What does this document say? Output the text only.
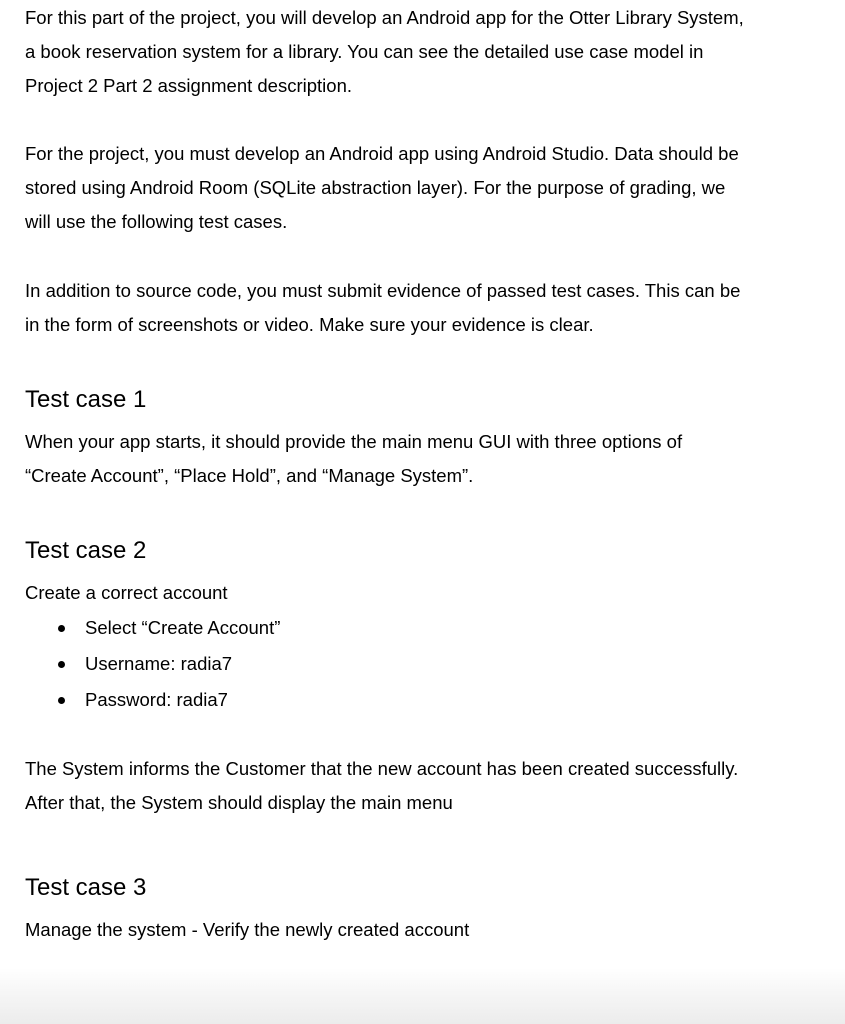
For this part of the project, you will develop an Android app for the Otter Library System,
a book reservation system for a library. You can see the detailed use case model in
Project 2 Part 2 assignment description.

For the project, you must develop an Android app using Android Studio. Data should be
stored using Android Room (SQLite abstraction layer). For the purpose of grading, we
will use the following test cases.

In addition to source code, you must submit evidence of passed test cases. This can be
in the form of screenshots or video. Make sure your evidence is clear.

Test case 1

When your app starts, it should provide the main menu GUI with three options of
“Create Account”, “Place Hold”, and “Manage System”.

Test case 2

Create a correct account

Select “Create Account”
Username: radia7
Password: radia7

The System informs the Customer that the new account has been created successfully.
After that, the System should display the main menu

Test case 3

Manage the system - Verify the newly created account
